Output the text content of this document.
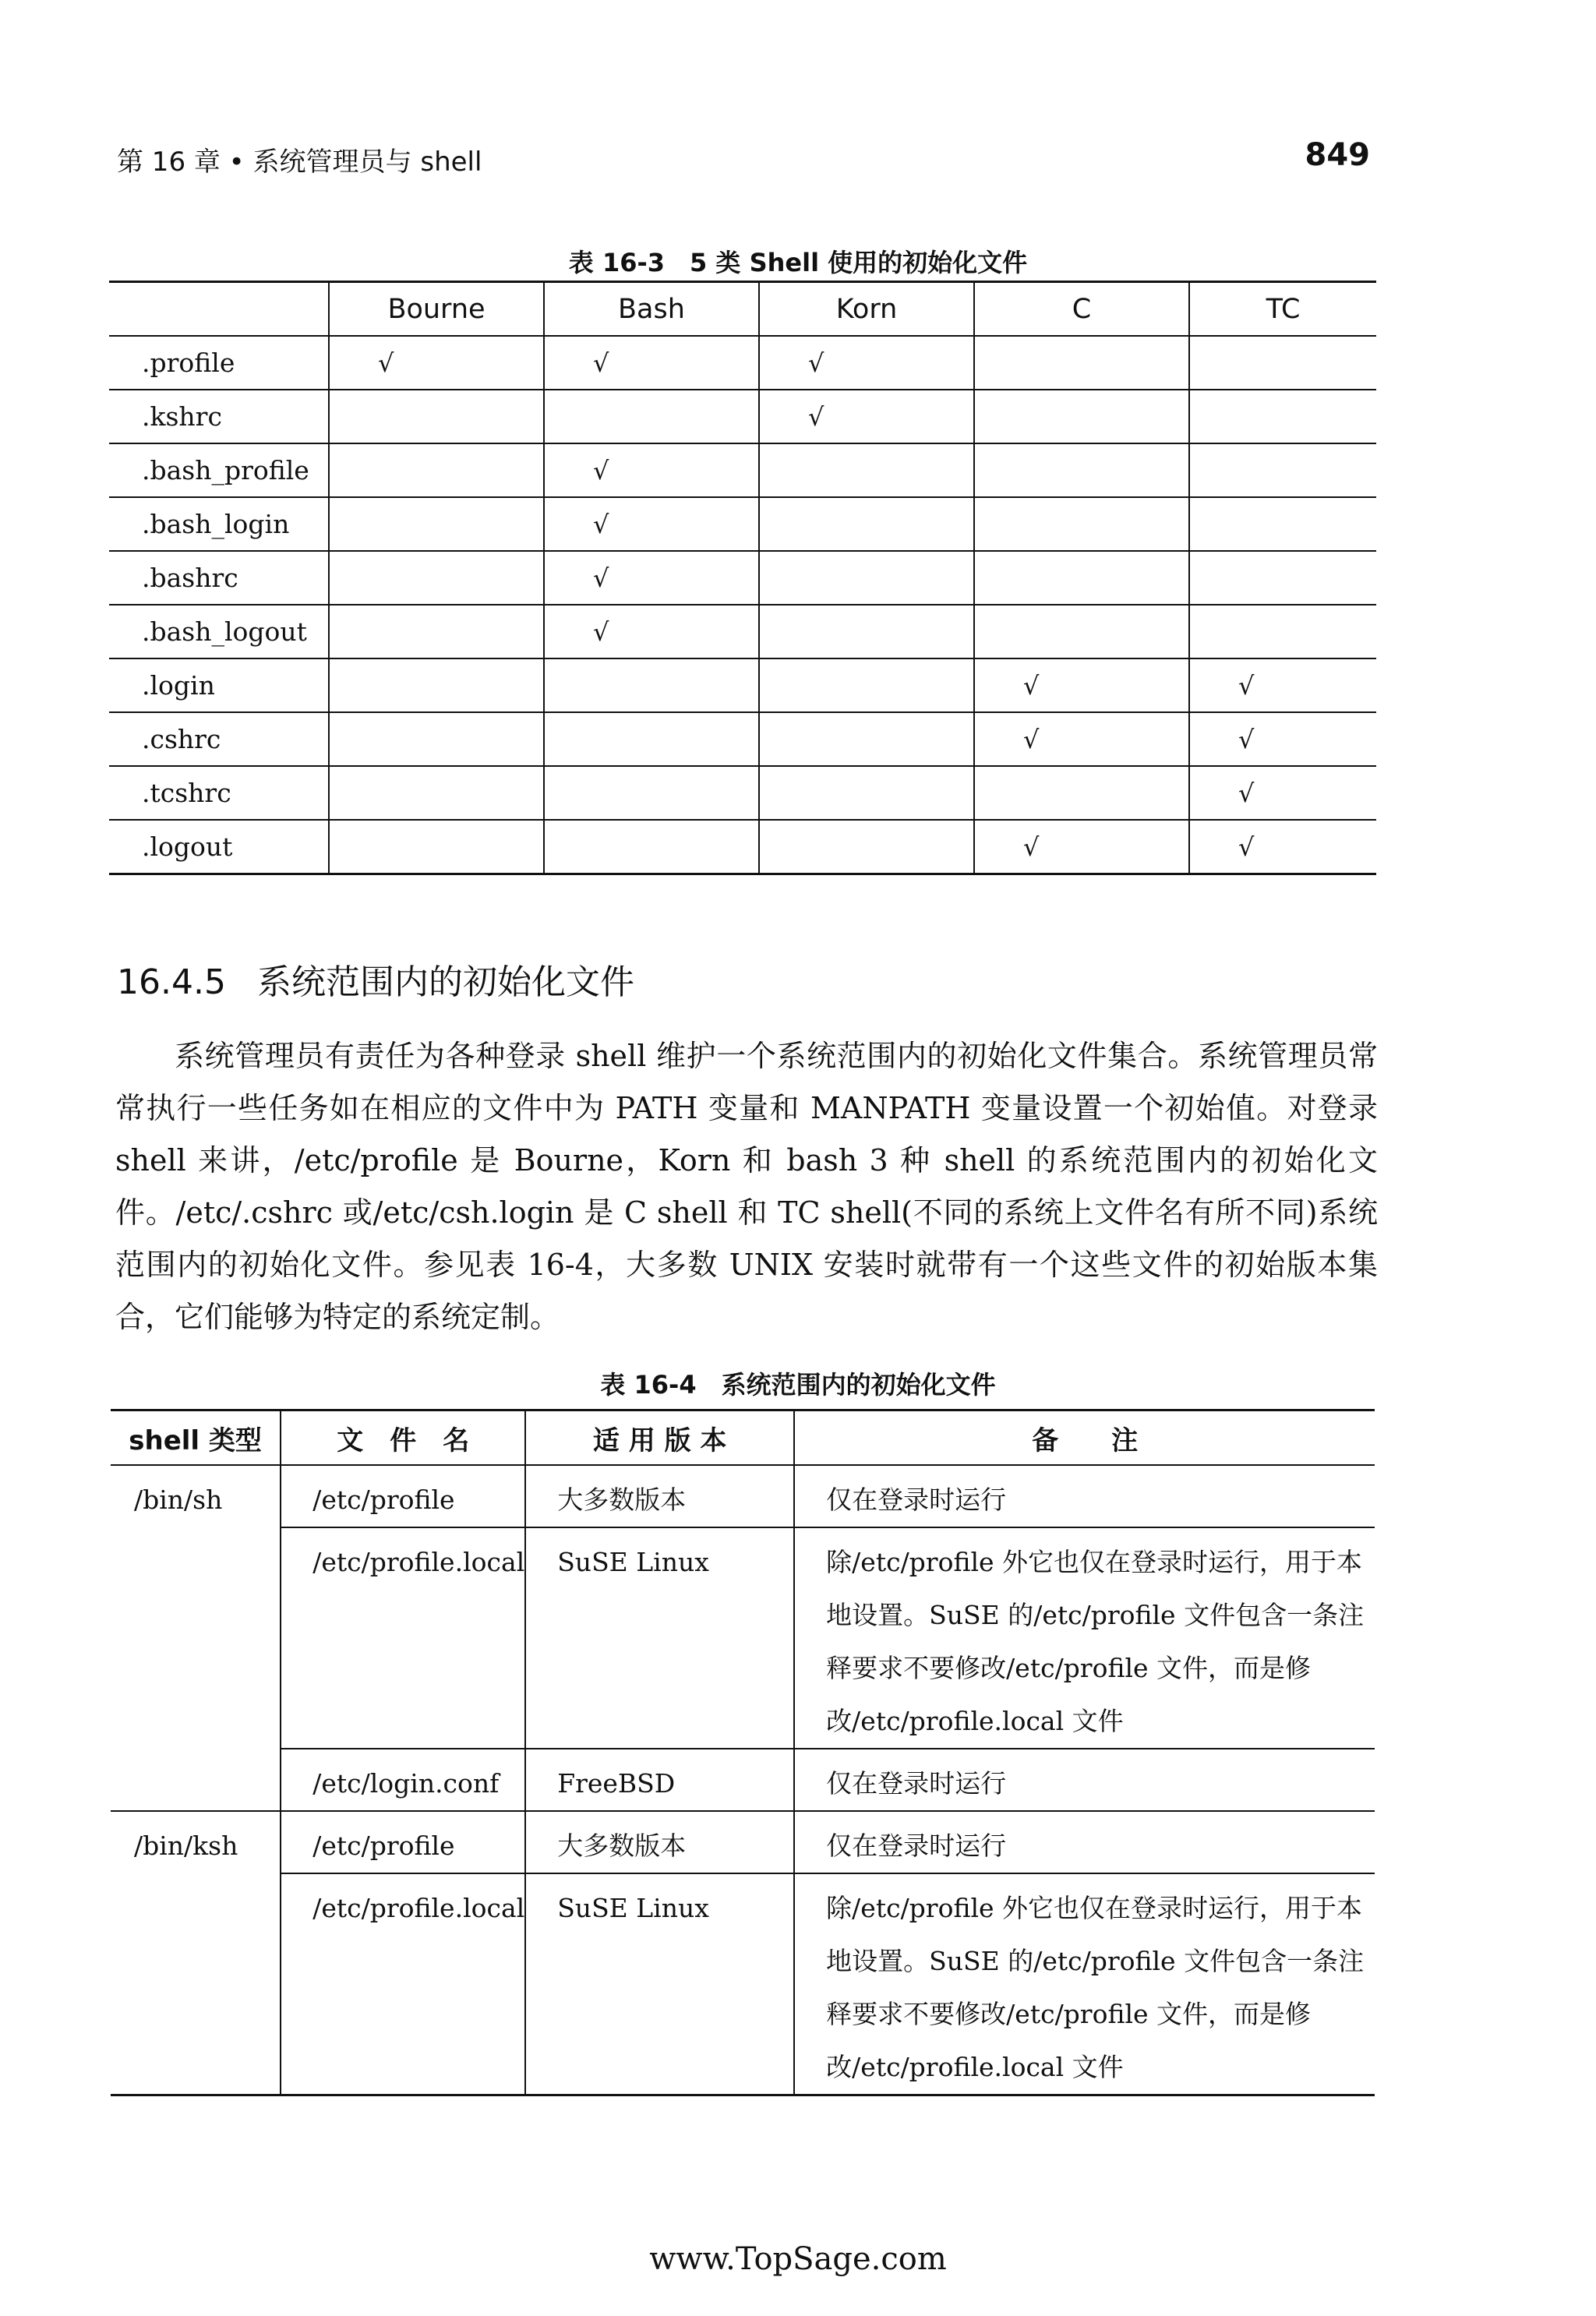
第 16 章 • 系统管理员与 shell	849
表 16-3　5 类 Shell 使用的初始化文件
	Bourne	Bash	Korn	C	TC
.profile	√	√	√		
.kshrc			√		
.bash_profile		√			
.bash_login		√			
.bashrc		√			
.bash_logout		√			
.login				√	√
.cshrc				√	√
.tcshrc					√
.logout				√	√
16.4.5 系统范围内的初始化文件

系统管理员有责任为各种登录 shell 维护一个系统范围内的初始化文件集合。系统管理员常常执行一些任务如在相应的文件中为 PATH 变量和 MANPATH 变量设置一个初始值。对登录 shell 来讲，/etc/profile 是 Bourne，Korn 和 bash 3 种 shell 的系统范围内的初始化文件。/etc/.cshrc 或/etc/csh.login 是 C shell 和 TC shell(不同的系统上文件名有所不同)系统范围内的初始化文件。参见表 16-4，大多数 UNIX 安装时就带有一个这些文件的初始版本集合，它们能够为特定的系统定制。

表 16-4　系统范围内的初始化文件
shell 类型	文　件　名	适 用 版 本	备　　注
/bin/sh	/etc/profile	大多数版本	仅在登录时运行
	/etc/profile.local	SuSE Linux	除/etc/profile 外它也仅在登录时运行，用于本地设置。SuSE 的/etc/profile 文件包含一条注释要求不要修改/etc/profile 文件，而是修改/etc/profile.local 文件
	/etc/login.conf	FreeBSD	仅在登录时运行
/bin/ksh	/etc/profile	大多数版本	仅在登录时运行
	/etc/profile.local	SuSE Linux	除/etc/profile 外它也仅在登录时运行，用于本地设置。SuSE 的/etc/profile 文件包含一条注释要求不要修改/etc/profile 文件，而是修改/etc/profile.local 文件
www.TopSage.com
